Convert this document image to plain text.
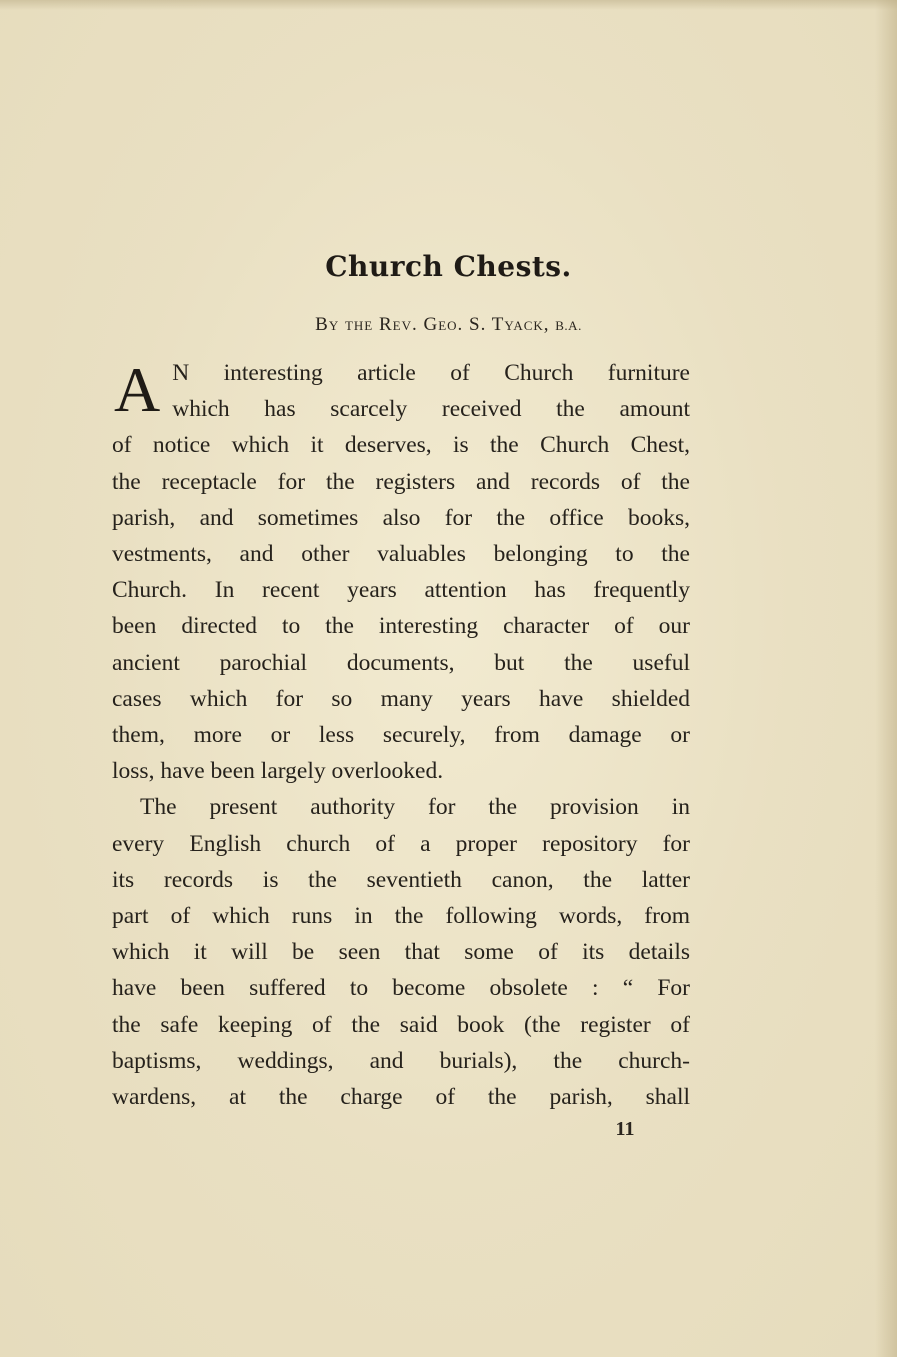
Church Chests.
By the Rev. Geo. S. Tyack, B.A.
A N interesting article of Church furniture
which has scarcely received the amount
of notice which it deserves, is the Church Chest,
the receptacle for the registers and records of the
parish, and sometimes also for the office books,
vestments, and other valuables belonging to the
Church. In recent years attention has frequently
been directed to the interesting character of our
ancient parochial documents, but the useful
cases which for so many years have shielded
them, more or less securely, from damage or
loss, have been largely overlooked.
The present authority for the provision in
every English church of a proper repository for
its records is the seventieth canon, the latter
part of which runs in the following words, from
which it will be seen that some of its details
have been suffered to become obsolete : “ For
the safe keeping of the said book (the register of
baptisms, weddings, and burials), the church-
wardens, at the charge of the parish, shall
11
